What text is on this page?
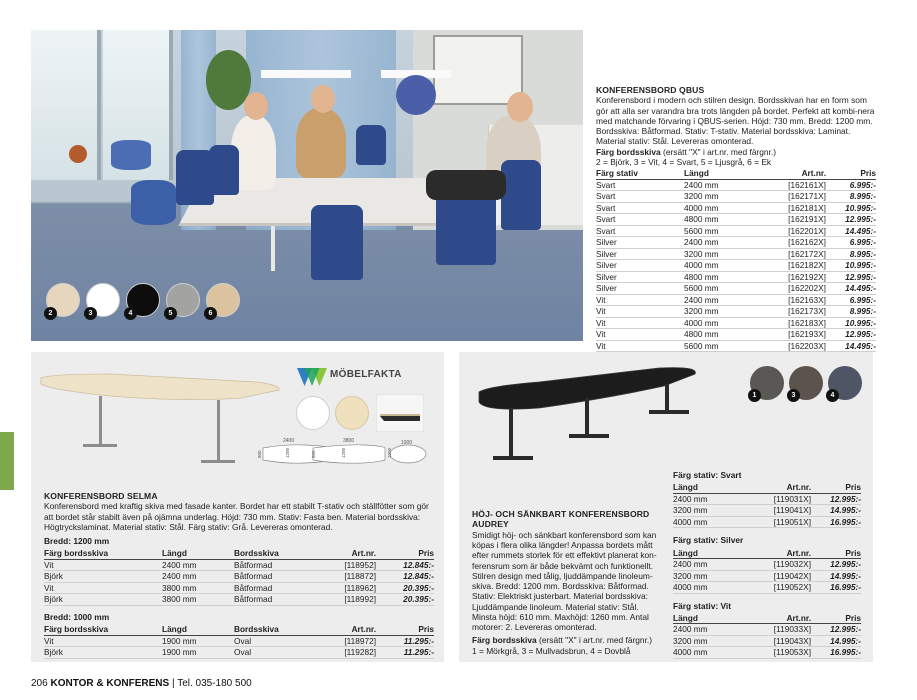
2	3	4	5	6
KONFERENSBORD QBUS
Konferensbord i modern och stilren design. Bordsskivan har en form som gör att alla ser varandra bra trots längden på bordet. Perfekt att kombi-nera med matchande förvaring i QBUS-serien. Höjd: 730 mm. Bredd: 1200 mm. Bordsskiva: Båtformad. Stativ: T-stativ. Material bordsskiva: Laminat. Material stativ: Stål. Levereras omonterad.
Färg bordsskiva (ersätt "X" i art.nr. med färgnr.)
2 = Björk, 3 = Vit, 4 = Svart, 5 = Ljusgrå, 6 = Ek
Färg stativ	Längd	Art.nr.	Pris
Svart	2400 mm	[162161X]	6.995:-
Svart	3200 mm	[162171X]	8.995:-
Svart	4000 mm	[162181X]	10.995:-
Svart	4800 mm	[162191X]	12.995:-
Svart	5600 mm	[162201X]	14.495:-
Silver	2400 mm	[162162X]	6.995:-
Silver	3200 mm	[162172X]	8.995:-
Silver	4000 mm	[162182X]	10.995:-
Silver	4800 mm	[162192X]	12.995:-
Silver	5600 mm	[162202X]	14.495:-
Vit	2400 mm	[162163X]	6.995:-
Vit	3200 mm	[162173X]	8.995:-
Vit	4000 mm	[162183X]	10.995:-
Vit	4800 mm	[162193X]	12.995:-
Vit	5600 mm	[162203X]	14.495:-
MÖBELFAKTA
2400	3800	1900
800	1200	800	1200	1000
KONFERENSBORD SELMA
Konferensbord med kraftig skiva med fasade kanter. Bordet har ett stabilt T-stativ och ställfötter som gör att bordet står stabilt även på ojämna underlag. Höjd: 730 mm. Stativ: Fasta ben. Material bordsskiva: Högtryckslaminat. Material stativ: Stål. Färg stativ: Grå. Levereras omonterad.
Bredd: 1200 mm
Färg bordsskiva	Längd	Bordsskiva	Art.nr.	Pris
Vit	2400 mm	Båtformad	[118952]	12.845:-
Björk	2400 mm	Båtformad	[118872]	12.845:-
Vit	3800 mm	Båtformad	[118962]	20.395:-
Björk	3800 mm	Båtformad	[118992]	20.395:-
Bredd: 1000 mm
Färg bordsskiva	Längd	Bordsskiva	Art.nr.	Pris
Vit	1900 mm	Oval	[118972]	11.295:-
Björk	1900 mm	Oval	[119282]	11.295:-
1	3	4
HÖJ- OCH SÄNKBART KONFERENSBORD AUDREY
Smidigt höj- och sänkbart konferensbord som kan köpas i flera olika längder! Anpassa bordets mått efter rummets storlek för ett effektivt planerat kon-ferensrum som är både bekvämt och funktionellt. Stilren design med tålig, ljuddämpande linoleum-skiva. Bredd: 1200 mm. Bordsskiva: Båtformad. Stativ: Elektriskt justerbart. Material bordsskiva: Ljuddämpande linoleum. Material stativ: Stål. Minsta höjd: 610 mm. Maxhöjd: 1260 mm. Antal motorer: 2. Levereras omonterad.
Färg bordsskiva (ersätt "X" i art.nr. med färgnr.)
1 = Mörkgrå, 3 = Mullvadsbrun, 4 = Dovblå
Färg stativ: Svart
Längd	Art.nr.	Pris
2400 mm	[119031X]	12.995:-
3200 mm	[119041X]	14.995:-
4000 mm	[119051X]	16.995:-
Färg stativ: Silver
Längd	Art.nr.	Pris
2400 mm	[119032X]	12.995:-
3200 mm	[119042X]	14.995:-
4000 mm	[119052X]	16.995:-
Färg stativ: Vit
Längd	Art.nr.	Pris
2400 mm	[119033X]	12.995:-
3200 mm	[119043X]	14.995:-
4000 mm	[119053X]	16.995:-
206 KONTOR & KONFERENS | Tel. 035-180 500
